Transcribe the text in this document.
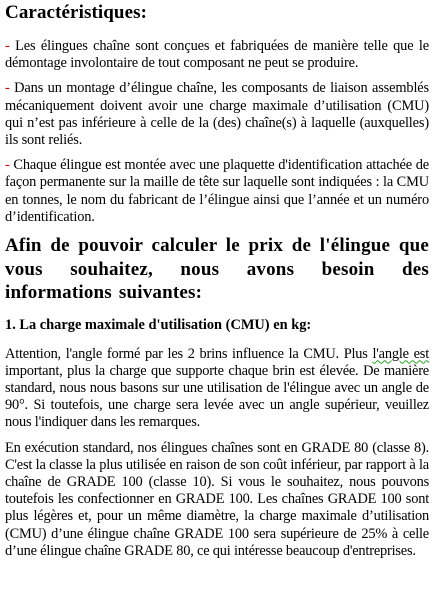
Caractéristiques:

- Les élingues chaîne sont conçues et fabriquées de manière telle que le démontage involontaire de tout composant ne peut se produire.

- Dans un montage d’élingue chaîne, les composants de liaison assemblés mécaniquement doivent avoir une charge maximale d’utilisation (CMU) qui n’est pas inférieure à celle de la (des) chaîne(s) à laquelle (auxquelles) ils sont reliés.

- Chaque élingue est montée avec une plaquette d'identification attachée de façon permanente sur la maille de tête sur laquelle sont indiquées : la CMU en tonnes, le nom du fabricant de l’élingue ainsi que l’année et un numéro d’identification.

Afin de pouvoir calculer le prix de l'élingue que vous souhaitez, nous avons besoin des informations suivantes:
1. La charge maximale d'utilisation (CMU) en kg:

Attention, l'angle formé par les 2 brins influence la CMU. Plus l'angle est important, plus la charge que supporte chaque brin est élevée. De manière standard, nous nous basons sur une utilisation de l'élingue avec un angle de 90°. Si toutefois, une charge sera levée avec un angle supérieur, veuillez nous l'indiquer dans les remarques.

En exécution standard, nos élingues chaînes sont en GRADE 80 (classe 8). C'est la classe la plus utilisée en raison de son coût inférieur, par rapport à la chaîne de GRADE 100 (classe 10). Si vous le souhaitez, nous pouvons toutefois les confectionner en GRADE 100. Les chaînes GRADE 100 sont plus légères et, pour un même diamètre, la charge maximale d’utilisation (CMU) d’une élingue chaîne GRADE 100 sera supérieure de 25% à celle d’une élingue chaîne GRADE 80, ce qui intéresse beaucoup d'entreprises.
